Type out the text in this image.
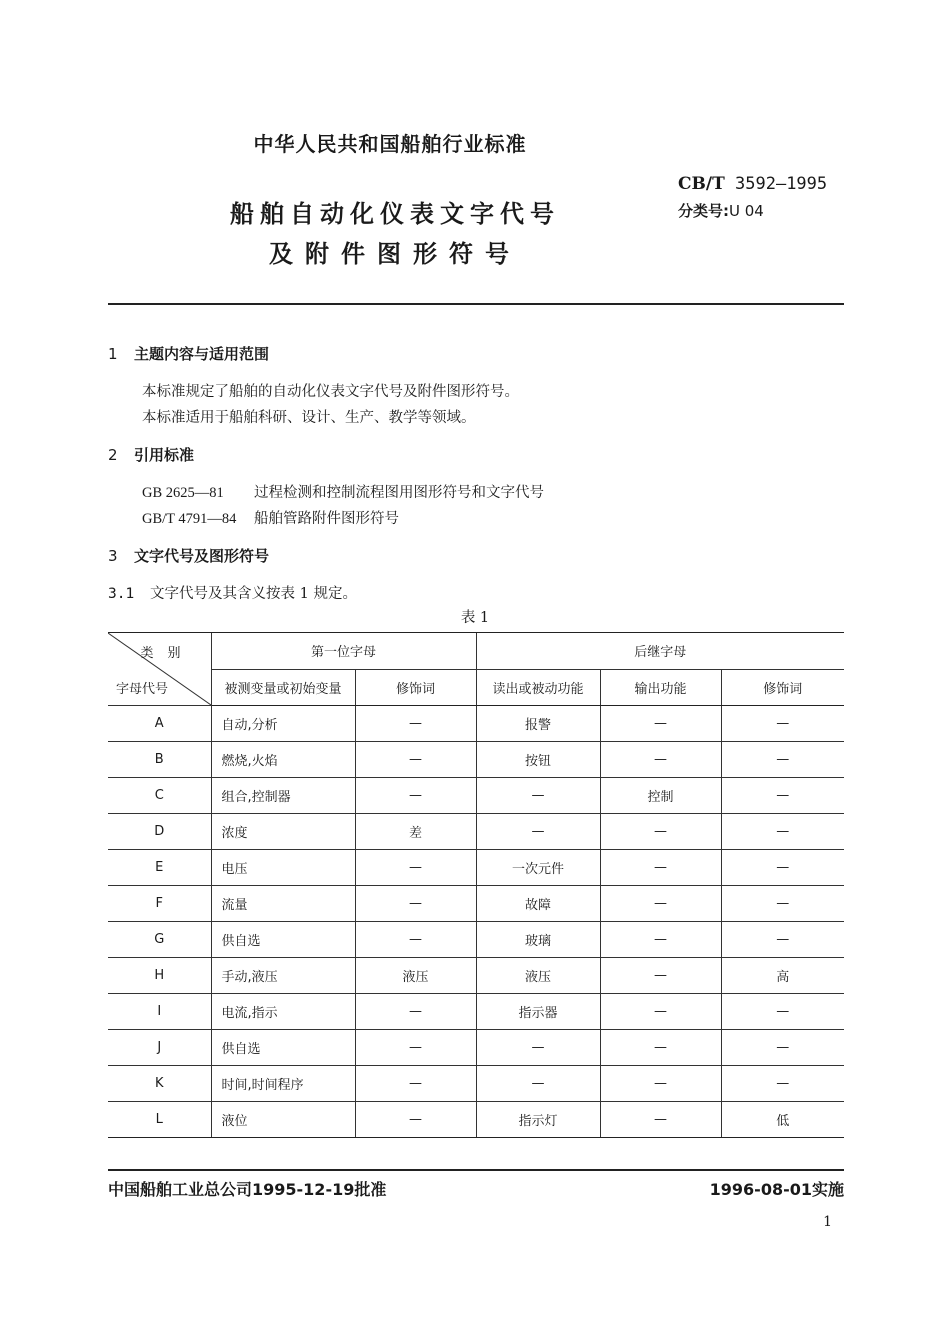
中华人民共和国船舶行业标准
船舶自动化仪表文字代号
及附件图形符号
CB/T 3592—1995
分类号:U 04
1 主题内容与适用范围
本标准规定了船舶的自动化仪表文字代号及附件图形符号。
本标准适用于船舶科研、设计、生产、教学等领域。
2 引用标准
GB 2625—81 过程检测和控制流程图用图形符号和文字代号
GB/T 4791—84 船舶管路附件图形符号
3 文字代号及图形符号
3.1 文字代号及其含义按表 1 规定。
表 1
类别
字母代号	第一位字母		后继字母		
	被测变量或初始变量	修饰词	读出或被动功能	输出功能	修饰词
A	自动,分析	—	报警	—	—
B	燃烧,火焰	—	按钮	—	—
C	组合,控制器	—	—	控制	—
D	浓度	差	—	—	—
E	电压	—	一次元件	—	—
F	流量	—	故障	—	—
G	供自选	—	玻璃	—	—
H	手动,液压	液压	液压	—	高
I	电流,指示	—	指示器	—	—
J	供自选	—	—	—	—
K	时间,时间程序	—	—	—	—
L	液位	—	指示灯	—	低
中国船舶工业总公司1995-12-19批准	1996-08-01实施
1
